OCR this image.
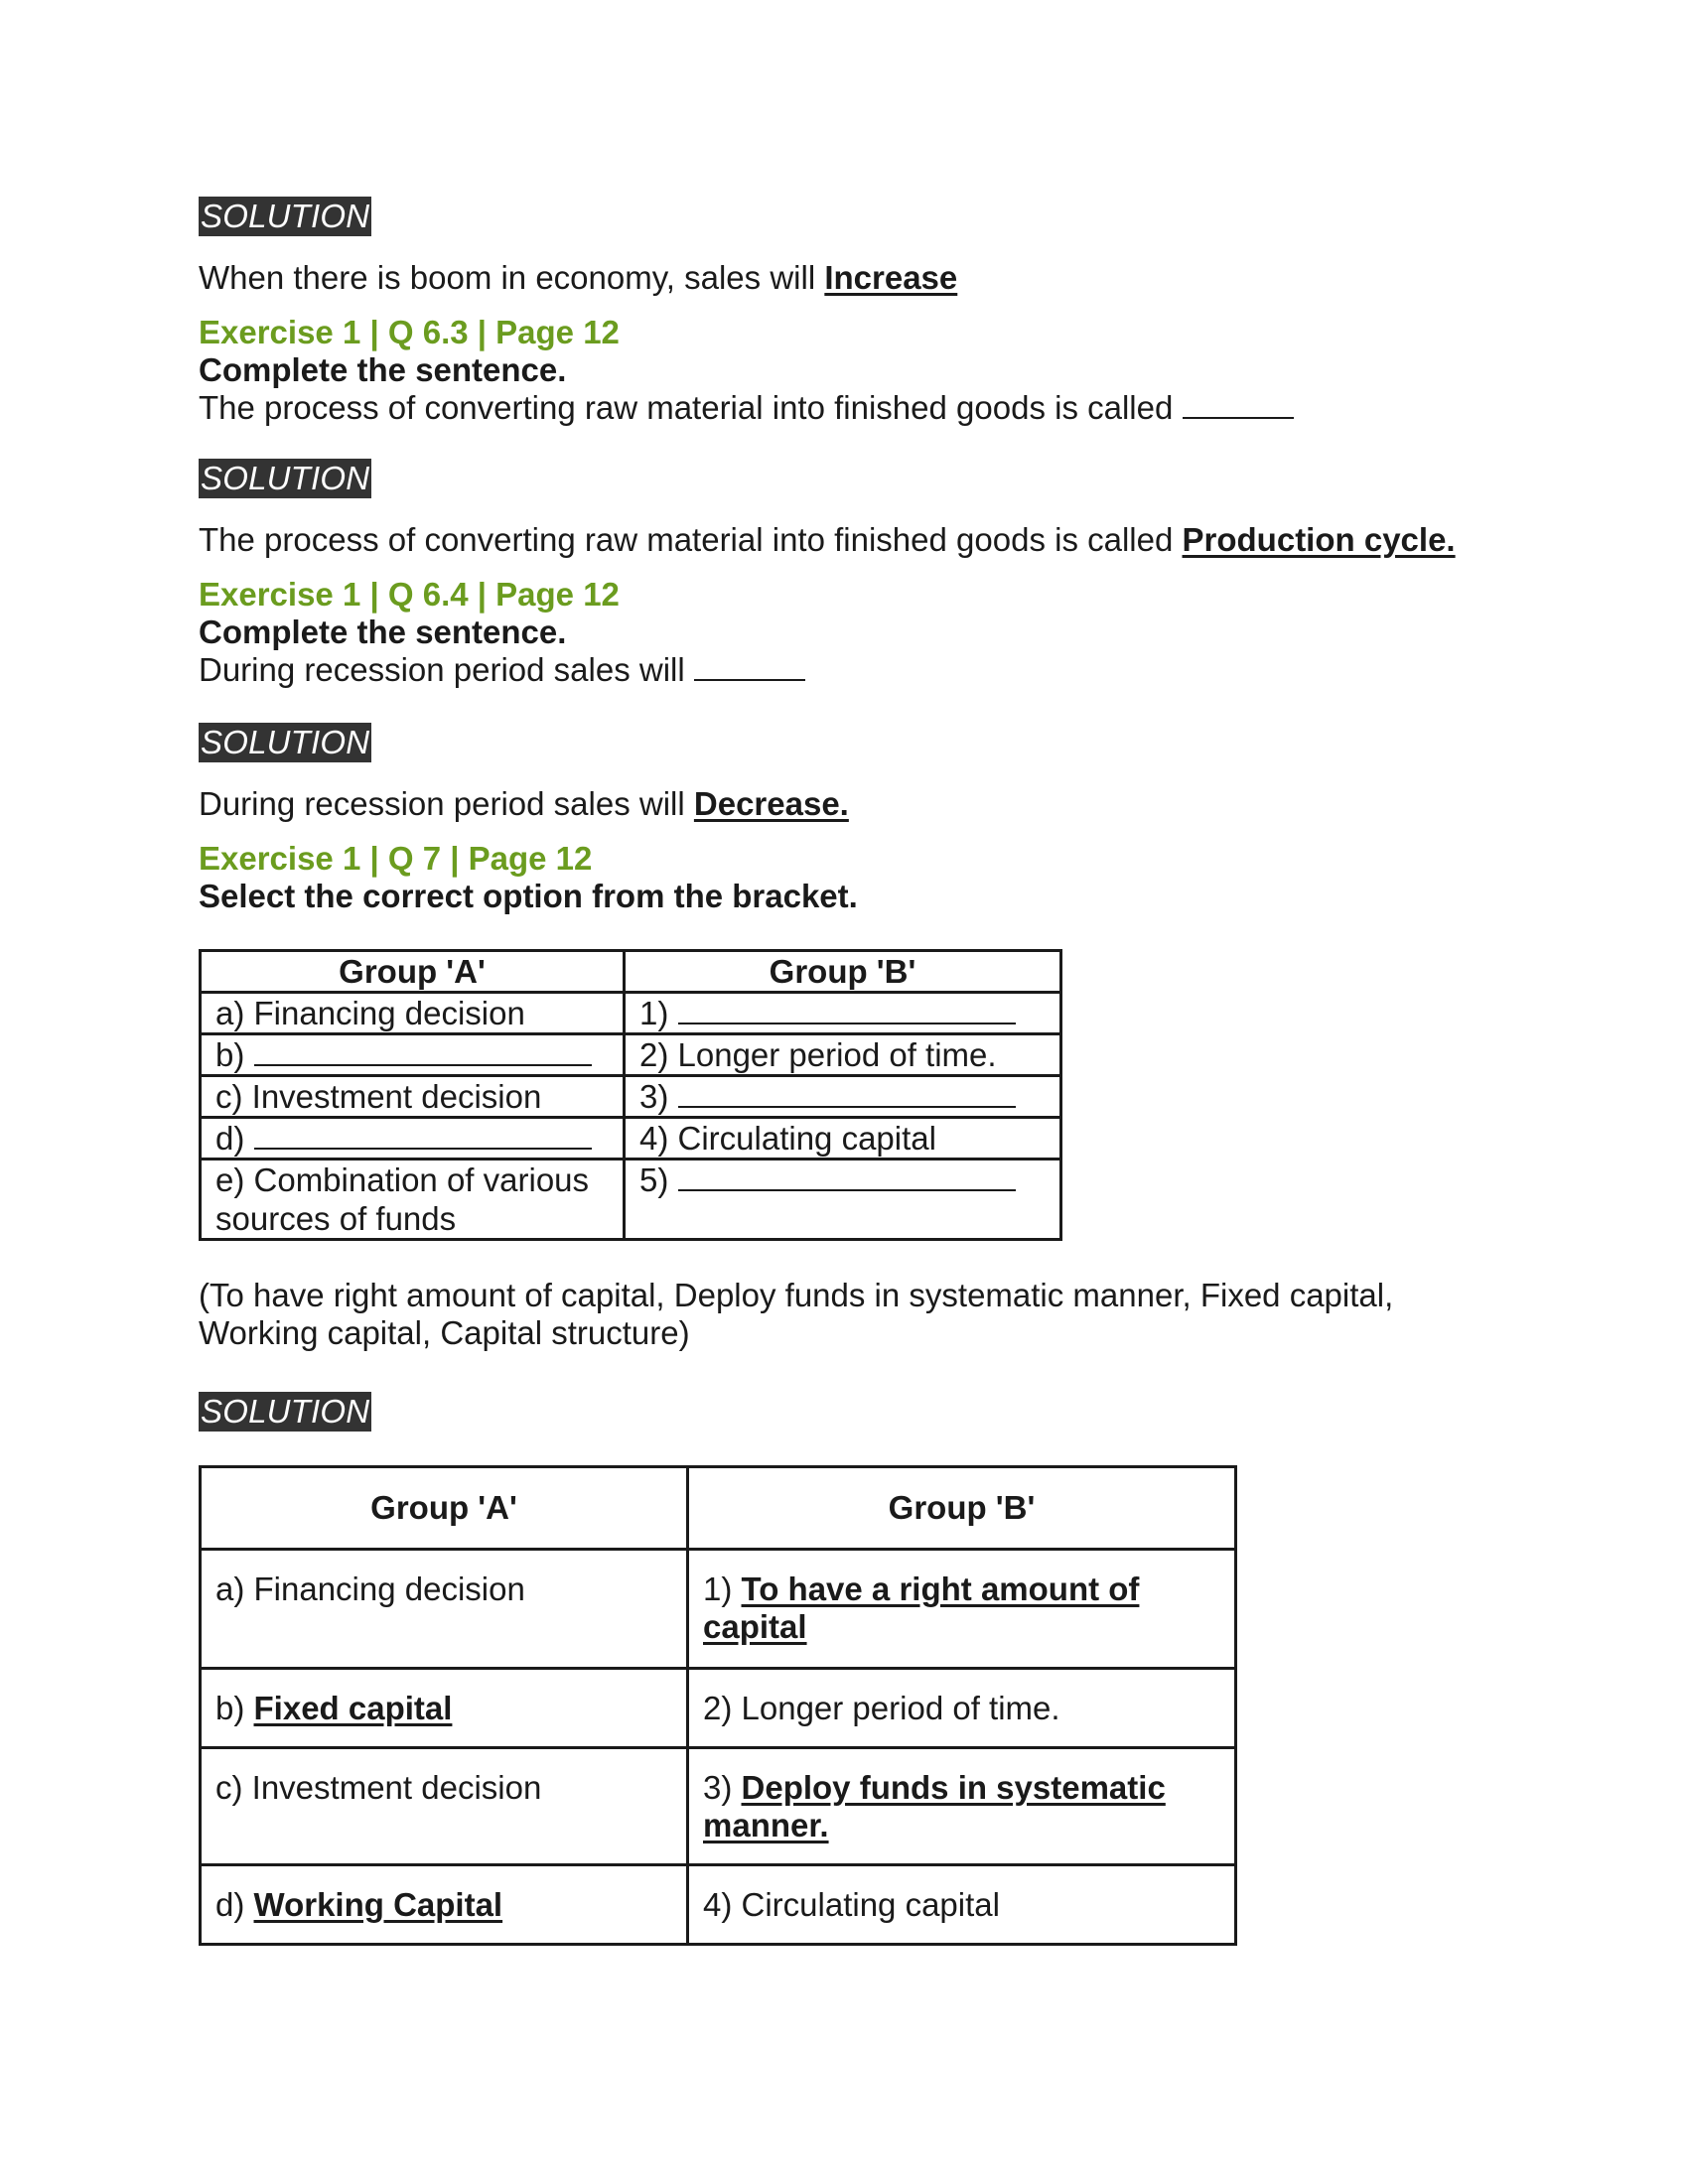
SOLUTION

When there is boom in economy, sales will Increase

Exercise 1 | Q 6.3 | Page 12

Complete the sentence.

The process of converting raw material into finished goods is called

SOLUTION

The process of converting raw material into finished goods is called Production cycle.

Exercise 1 | Q 6.4 | Page 12

Complete the sentence.

During recession period sales will

SOLUTION

During recession period sales will Decrease.

Exercise 1 | Q 7 | Page 12

Select the correct option from the bracket.

Group 'A'	Group 'B'
a) Financing decision	1)
b)	2) Longer period of time.
c) Investment decision	3)
d)	4) Circulating capital
e) Combination of various sources of funds	5)

(To have right amount of capital, Deploy funds in systematic manner, Fixed capital,

Working capital, Capital structure)

SOLUTION
Group 'A'	Group 'B'
a) Financing decision	1) To have a right amount of capital
b) Fixed capital	2) Longer period of time.
c) Investment decision	3) Deploy funds in systematic manner.
d) Working Capital	4) Circulating capital
